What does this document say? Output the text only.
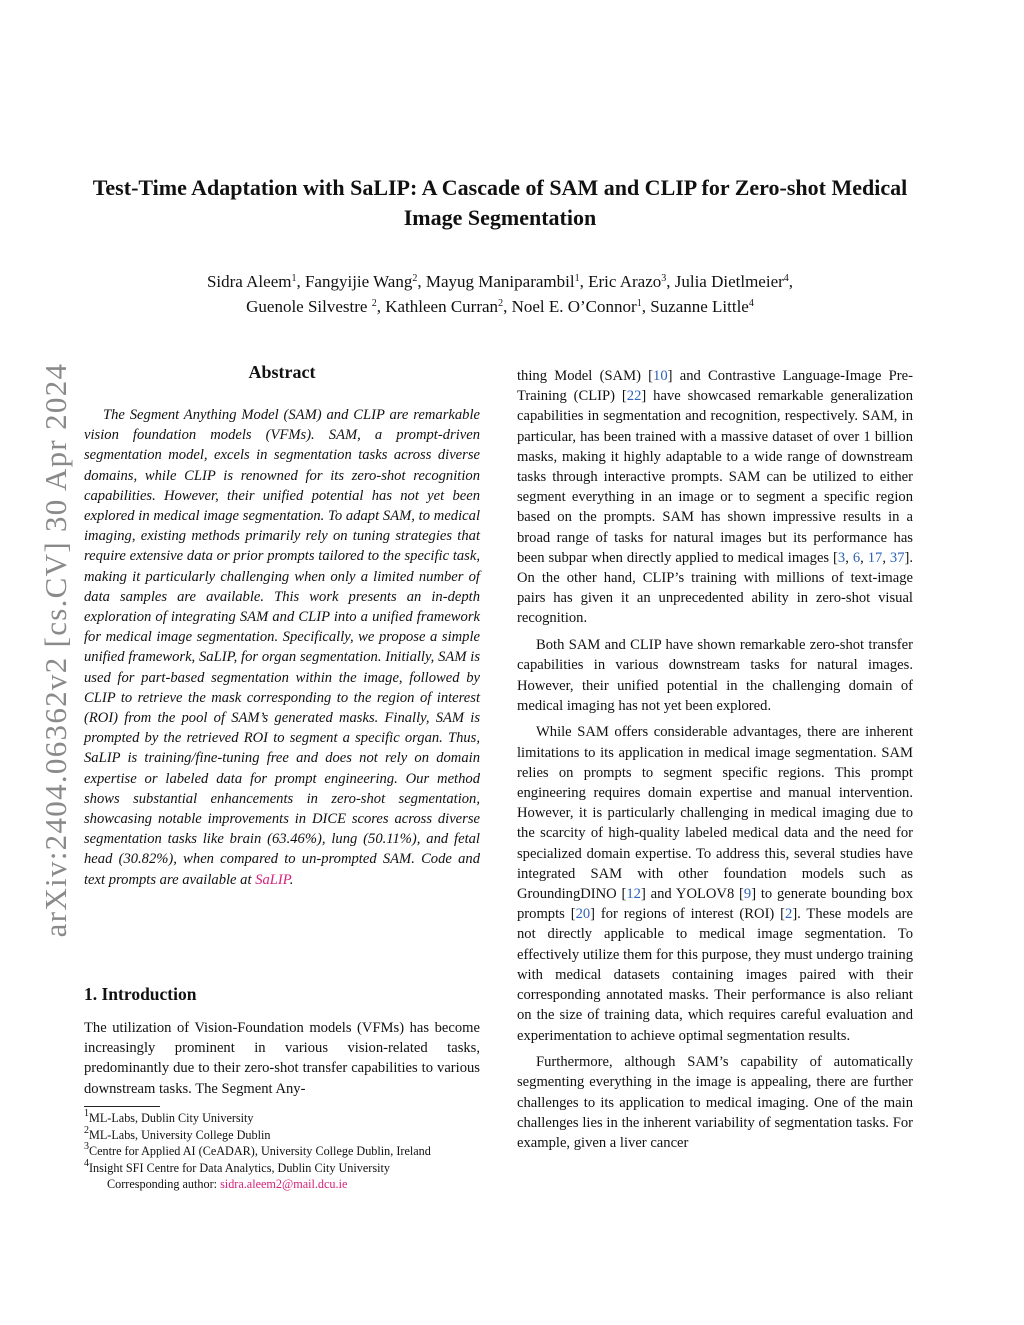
arXiv:2404.06362v2 [cs.CV] 30 Apr 2024
Test-Time Adaptation with SaLIP: A Cascade of SAM and CLIP for Zero-shot Medical Image Segmentation
Sidra Aleem$^1$, Fangyijie Wang$^2$, Mayug Maniparambil$^1$, Eric Arazo$^3$, Julia Dietlmeier$^4$,
Guenole Silvestre $^2$, Kathleen Curran$^2$, Noel E. O’Connor$^1$, Suzanne Little$^4$
Abstract

The Segment Anything Model (SAM) and CLIP are remarkable vision foundation models (VFMs). SAM, a prompt-driven segmentation model, excels in segmentation tasks across diverse domains, while CLIP is renowned for its zero-shot recognition capabilities. However, their unified potential has not yet been explored in medical image segmentation. To adapt SAM, to medical imaging, existing methods primarily rely on tuning strategies that require extensive data or prior prompts tailored to the specific task, making it particularly challenging when only a limited number of data samples are available. This work presents an in-depth exploration of integrating SAM and CLIP into a unified framework for medical image segmentation. Specifically, we propose a simple unified framework, SaLIP, for organ segmentation. Initially, SAM is used for part-based segmentation within the image, followed by CLIP to retrieve the mask corresponding to the region of interest (ROI) from the pool of SAM’s generated masks. Finally, SAM is prompted by the retrieved ROI to segment a specific organ. Thus, SaLIP is training/fine-tuning free and does not rely on domain expertise or labeled data for prompt engineering. Our method shows substantial enhancements in zero-shot segmentation, showcasing notable improvements in DICE scores across diverse segmentation tasks like brain (63.46%), lung (50.11%), and fetal head (30.82%), when compared to un-prompted SAM. Code and text prompts are available at SaLIP.

1. Introduction

The utilization of Vision-Foundation models (VFMs) has become increasingly prominent in various vision-related tasks, predominantly due to their zero-shot transfer capabilities to various downstream tasks. The Segment Any-

$^1$ML-Labs, Dublin City University
$^2$ML-Labs, University College Dublin
$^3$Centre for Applied AI (CeADAR), University College Dublin, Ireland
$^4$Insight SFI Centre for Data Analytics, Dublin City University
Corresponding author: sidra.aleem2@mail.dcu.ie

thing Model (SAM) [10] and Contrastive Language-Image Pre-Training (CLIP) [22] have showcased remarkable generalization capabilities in segmentation and recognition, respectively. SAM, in particular, has been trained with a massive dataset of over 1 billion masks, making it highly adaptable to a wide range of downstream tasks through interactive prompts. SAM can be utilized to either segment everything in an image or to segment a specific region based on the prompts. SAM has shown impressive results in a broad range of tasks for natural images but its performance has been subpar when directly applied to medical images [3, 6, 17, 37]. On the other hand, CLIP’s training with millions of text-image pairs has given it an unprecedented ability in zero-shot visual recognition.

Both SAM and CLIP have shown remarkable zero-shot transfer capabilities in various downstream tasks for natural images. However, their unified potential in the challenging domain of medical imaging has not yet been explored.

While SAM offers considerable advantages, there are inherent limitations to its application in medical image segmentation. SAM relies on prompts to segment specific regions. This prompt engineering requires domain expertise and manual intervention. However, it is particularly challenging in medical imaging due to the scarcity of high-quality labeled medical data and the need for specialized domain expertise. To address this, several studies have integrated SAM with other foundation models such as GroundingDINO [12] and YOLOV8 [9] to generate bounding box prompts [20] for regions of interest (ROI) [2]. These models are not directly applicable to medical image segmentation. To effectively utilize them for this purpose, they must undergo training with medical datasets containing images paired with their corresponding annotated masks. Their performance is also reliant on the size of training data, which requires careful evaluation and experimentation to achieve optimal segmentation results.

Furthermore, although SAM’s capability of automatically segmenting everything in the image is appealing, there are further challenges to its application to medical imaging. One of the main challenges lies in the inherent variability of segmentation tasks. For example, given a liver cancer
